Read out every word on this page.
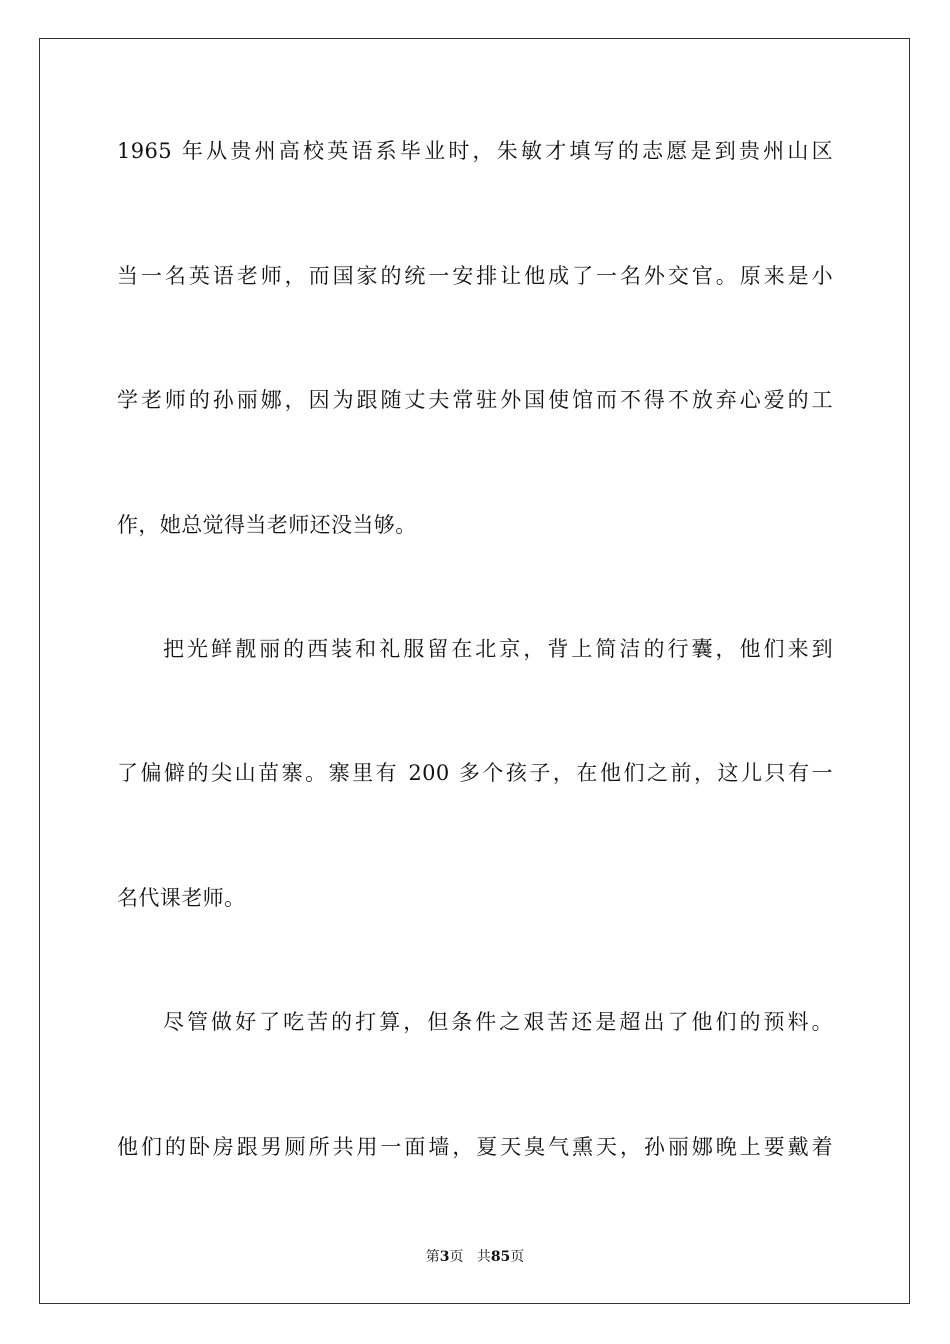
1965 年从贵州高校英语系毕业时，朱敏才填写的志愿是到贵州山区
当一名英语老师，而国家的统一安排让他成了一名外交官。原来是小
学老师的孙丽娜，因为跟随丈夫常驻外国使馆而不得不放弃心爱的工
作，她总觉得当老师还没当够。
把光鲜靓丽的西装和礼服留在北京，背上简洁的行囊，他们来到
了偏僻的尖山苗寨。寨里有 200 多个孩子，在他们之前，这儿只有一
名代课老师。
尽管做好了吃苦的打算，但条件之艰苦还是超出了他们的预料。
他们的卧房跟男厕所共用一面墙，夏天臭气熏天，孙丽娜晚上要戴着
第3页 共85页
